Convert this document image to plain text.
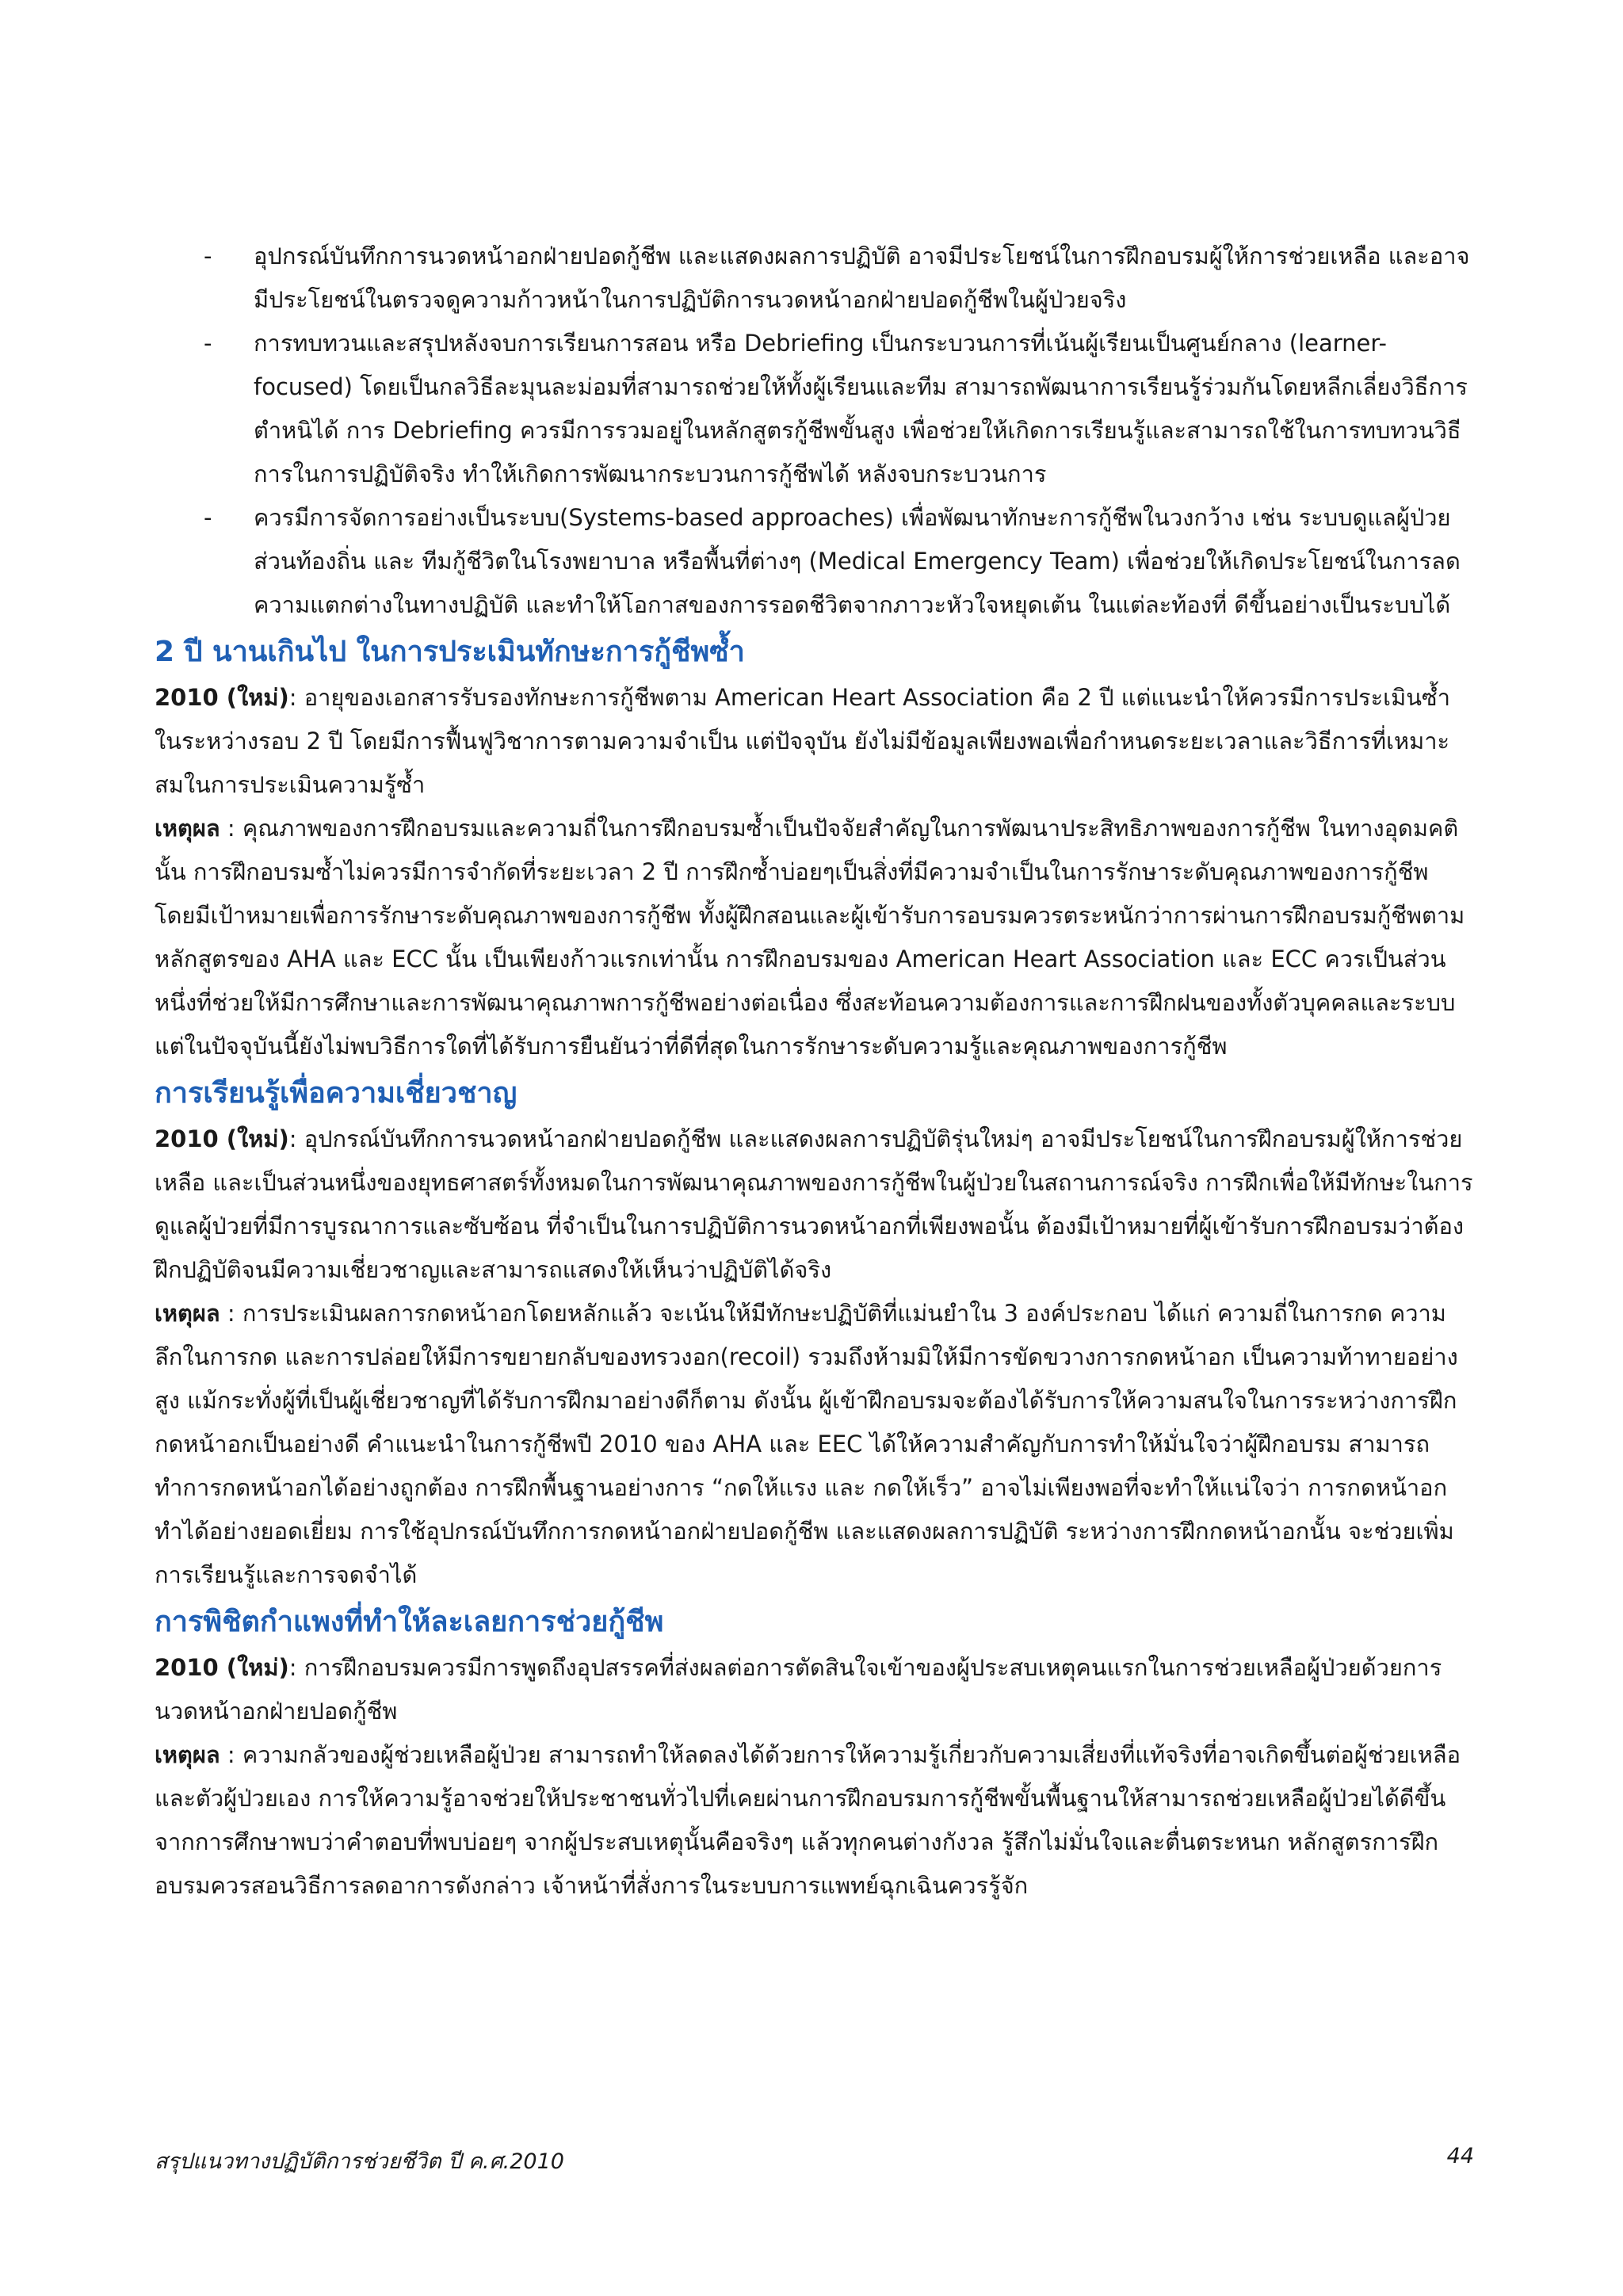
- อุปกรณ์บันทึกการนวดหน้าอกฝ่ายปอดกู้ชีพ และแสดงผลการปฏิบัติ อาจมีประโยชน์ในการฝึกอบรมผู้ให้การช่วยเหลือ และอาจมีประโยชน์ในตรวจดูความก้าวหน้าในการปฏิบัติการนวดหน้าอกฝ่ายปอดกู้ชีพในผู้ป่วยจริง
- การทบทวนและสรุปหลังจบการเรียนการสอน หรือ Debriefing เป็นกระบวนการที่เน้นผู้เรียนเป็นศูนย์กลาง (learner-focused) โดยเป็นกลวิธีละมุนละม่อมที่สามารถช่วยให้ทั้งผู้เรียนและทีม สามารถพัฒนาการเรียนรู้ร่วมกันโดยหลีกเลี่ยงวิธีการตำหนิได้ การ Debriefing ควรมีการรวมอยู่ในหลักสูตรกู้ชีพขั้นสูง เพื่อช่วยให้เกิดการเรียนรู้และสามารถใช้ในการทบทวนวิธีการในการปฏิบัติจริง ทำให้เกิดการพัฒนากระบวนการกู้ชีพได้ หลังจบกระบวนการ
- ควรมีการจัดการอย่างเป็นระบบ(Systems-based approaches) เพื่อพัฒนาทักษะการกู้ชีพในวงกว้าง เช่น ระบบดูแลผู้ป่วยส่วนท้องถิ่น และ ทีมกู้ชีวิตในโรงพยาบาล หรือพื้นที่ต่างๆ (Medical Emergency Team) เพื่อช่วยให้เกิดประโยชน์ในการลดความแตกต่างในทางปฏิบัติ และทำให้โอกาสของการรอดชีวิตจากภาวะหัวใจหยุดเต้น ในแต่ละท้องที่ ดีขึ้นอย่างเป็นระบบได้
2 ปี นานเกินไป ในการประเมินทักษะการกู้ชีพซ้ำ

2010 (ใหม่): อายุของเอกสารรับรองทักษะการกู้ชีพตาม American Heart Association คือ 2 ปี แต่แนะนำให้ควรมีการประเมินซ้ำในระหว่างรอบ 2 ปี โดยมีการฟื้นฟูวิชาการตามความจำเป็น แต่ปัจจุบัน ยังไม่มีข้อมูลเพียงพอเพื่อกำหนดระยะเวลาและวิธีการที่เหมาะสมในการประเมินความรู้ซ้ำ

เหตุผล : คุณภาพของการฝึกอบรมและความถี่ในการฝึกอบรมซ้ำเป็นปัจจัยสำคัญในการพัฒนาประสิทธิภาพของการกู้ชีพ ในทางอุดมคตินั้น การฝึกอบรมซ้ำไม่ควรมีการจำกัดที่ระยะเวลา 2 ปี การฝึกซ้ำบ่อยๆเป็นสิ่งที่มีความจำเป็นในการรักษาระดับคุณภาพของการกู้ชีพ โดยมีเป้าหมายเพื่อการรักษาระดับคุณภาพของการกู้ชีพ ทั้งผู้ฝึกสอนและผู้เข้ารับการอบรมควรตระหนักว่าการผ่านการฝึกอบรมกู้ชีพตามหลักสูตรของ AHA และ ECC นั้น เป็นเพียงก้าวแรกเท่านั้น การฝึกอบรมของ American Heart Association และ ECC ควรเป็นส่วนหนึ่งที่ช่วยให้มีการศึกษาและการพัฒนาคุณภาพการกู้ชีพอย่างต่อเนื่อง ซึ่งสะท้อนความต้องการและการฝึกฝนของทั้งตัวบุคคลและระบบ แต่ในปัจจุบันนี้ยังไม่พบวิธีการใดที่ได้รับการยืนยันว่าที่ดีที่สุดในการรักษาระดับความรู้และคุณภาพของการกู้ชีพ

การเรียนรู้เพื่อความเชี่ยวชาญ

2010 (ใหม่): อุปกรณ์บันทึกการนวดหน้าอกฝ่ายปอดกู้ชีพ และแสดงผลการปฏิบัติรุ่นใหม่ๆ อาจมีประโยชน์ในการฝึกอบรมผู้ให้การช่วยเหลือ และเป็นส่วนหนึ่งของยุทธศาสตร์ทั้งหมดในการพัฒนาคุณภาพของการกู้ชีพในผู้ป่วยในสถานการณ์จริง การฝึกเพื่อให้มีทักษะในการดูแลผู้ป่วยที่มีการบูรณาการและซับซ้อน ที่จำเป็นในการปฏิบัติการนวดหน้าอกที่เพียงพอนั้น ต้องมีเป้าหมายที่ผู้เข้ารับการฝึกอบรมว่าต้องฝึกปฏิบัติจนมีความเชี่ยวชาญและสามารถแสดงให้เห็นว่าปฏิบัติได้จริง

เหตุผล : การประเมินผลการกดหน้าอกโดยหลักแล้ว จะเน้นให้มีทักษะปฏิบัติที่แม่นยำใน 3 องค์ประกอบ ได้แก่ ความถี่ในการกด ความลึกในการกด และการปล่อยให้มีการขยายกลับของทรวงอก(recoil) รวมถึงห้ามมิให้มีการขัดขวางการกดหน้าอก เป็นความท้าทายอย่างสูง แม้กระทั่งผู้ที่เป็นผู้เชี่ยวชาญที่ได้รับการฝึกมาอย่างดีก็ตาม ดังนั้น ผู้เข้าฝึกอบรมจะต้องได้รับการให้ความสนใจในการระหว่างการฝึกกดหน้าอกเป็นอย่างดี คำแนะนำในการกู้ชีพปี 2010 ของ AHA และ EEC ได้ให้ความสำคัญกับการทำให้มั่นใจว่าผู้ฝึกอบรม สามารถทำการกดหน้าอกได้อย่างถูกต้อง การฝึกพื้นฐานอย่างการ “กดให้แรง และ กดให้เร็ว” อาจไม่เพียงพอที่จะทำให้แน่ใจว่า การกดหน้าอกทำได้อย่างยอดเยี่ยม การใช้อุปกรณ์บันทึกการกดหน้าอกฝ่ายปอดกู้ชีพ และแสดงผลการปฏิบัติ ระหว่างการฝึกกดหน้าอกนั้น จะช่วยเพิ่มการเรียนรู้และการจดจำได้

การพิชิตกำแพงที่ทำให้ละเลยการช่วยกู้ชีพ

2010 (ใหม่): การฝึกอบรมควรมีการพูดถึงอุปสรรคที่ส่งผลต่อการตัดสินใจเข้าของผู้ประสบเหตุคนแรกในการช่วยเหลือผู้ป่วยด้วยการนวดหน้าอกฝ่ายปอดกู้ชีพ

เหตุผล : ความกลัวของผู้ช่วยเหลือผู้ป่วย สามารถทำให้ลดลงได้ด้วยการให้ความรู้เกี่ยวกับความเสี่ยงที่แท้จริงที่อาจเกิดขึ้นต่อผู้ช่วยเหลือ และตัวผู้ป่วยเอง การให้ความรู้อาจช่วยให้ประชาชนทั่วไปที่เคยผ่านการฝึกอบรมการกู้ชีพขั้นพื้นฐานให้สามารถช่วยเหลือผู้ป่วยได้ดีขึ้น จากการศึกษาพบว่าคำตอบที่พบบ่อยๆ จากผู้ประสบเหตุนั้นคือจริงๆ แล้วทุกคนต่างกังวล รู้สึกไม่มั่นใจและตื่นตระหนก หลักสูตรการฝึกอบรมควรสอนวิธีการลดอาการดังกล่าว เจ้าหน้าที่สั่งการในระบบการแพทย์ฉุกเฉินควรรู้จัก

สรุปแนวทางปฏิบัติการช่วยชีวิต ปี ค.ศ.2010	44
